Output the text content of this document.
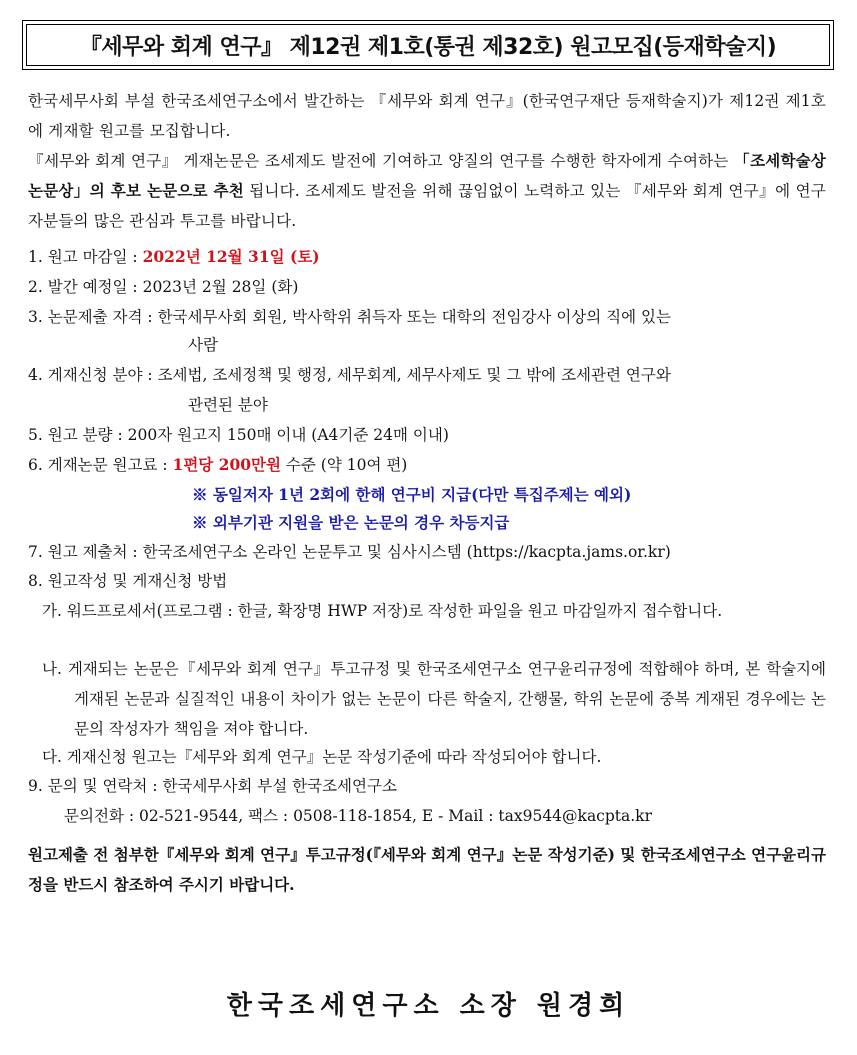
『세무와 회계 연구』 제12권 제1호(통권 제32호) 원고모집(등재학술지)
한국세무사회 부설 한국조세연구소에서 발간하는 『세무와 회계 연구』(한국연구재단 등재학술지)가 제12권 제1호에 게재할 원고를 모집합니다.
『세무와 회계 연구』 게재논문은 조세제도 발전에 기여하고 양질의 연구를 수행한 학자에게 수여하는 「조세학술상 논문상」의 후보 논문으로 추천 됩니다. 조세제도 발전을 위해 끊임없이 노력하고 있는 『세무와 회계 연구』에 연구자분들의 많은 관심과 투고를 바랍니다.
1. 원고 마감일 : 2022년 12월 31일 (토)
2. 발간 예정일 : 2023년 2월 28일 (화)
3. 논문제출 자격 : 한국세무사회 회원, 박사학위 취득자 또는 대학의 전임강사 이상의 직에 있는
사람
4. 게재신청 분야 : 조세법, 조세정책 및 행정, 세무회계, 세무사제도 및 그 밖에 조세관련 연구와
관련된 분야
5. 원고 분량 : 200자 원고지 150매 이내 (A4기준 24매 이내)
6. 게재논문 원고료 : 1편당 200만원 수준 (약 10여 편)
※ 동일저자 1년 2회에 한해 연구비 지급(다만 특집주제는 예외)
※ 외부기관 지원을 받은 논문의 경우 차등지급
7. 원고 제출처 : 한국조세연구소 온라인 논문투고 및 심사시스템 (https://kacpta.jams.or.kr)
8. 원고작성 및 게재신청 방법
가. 워드프로세서(프로그램 : 한글, 확장명 HWP 저장)로 작성한 파일을 원고 마감일까지 접수합니다.
나. 게재되는 논문은『세무와 회계 연구』투고규정 및 한국조세연구소 연구윤리규정에 적합해야 하며, 본 학술지에 게재된 논문과 실질적인 내용이 차이가 없는 논문이 다른 학술지, 간행물, 학위 논문에 중복 게재된 경우에는 논문의 작성자가 책임을 져야 합니다.
다. 게재신청 원고는『세무와 회계 연구』논문 작성기준에 따라 작성되어야 합니다.
9. 문의 및 연락처 : 한국세무사회 부설 한국조세연구소
문의전화 : 02-521-9544, 팩스 : 0508-118-1854, E - Mail : tax9544@kacpta.kr
원고제출 전 첨부한『세무와 회계 연구』투고규정(『세무와 회계 연구』논문 작성기준) 및 한국조세연구소 연구윤리규정을 반드시 참조하여 주시기 바랍니다.
한국조세연구소 소장 원경희
